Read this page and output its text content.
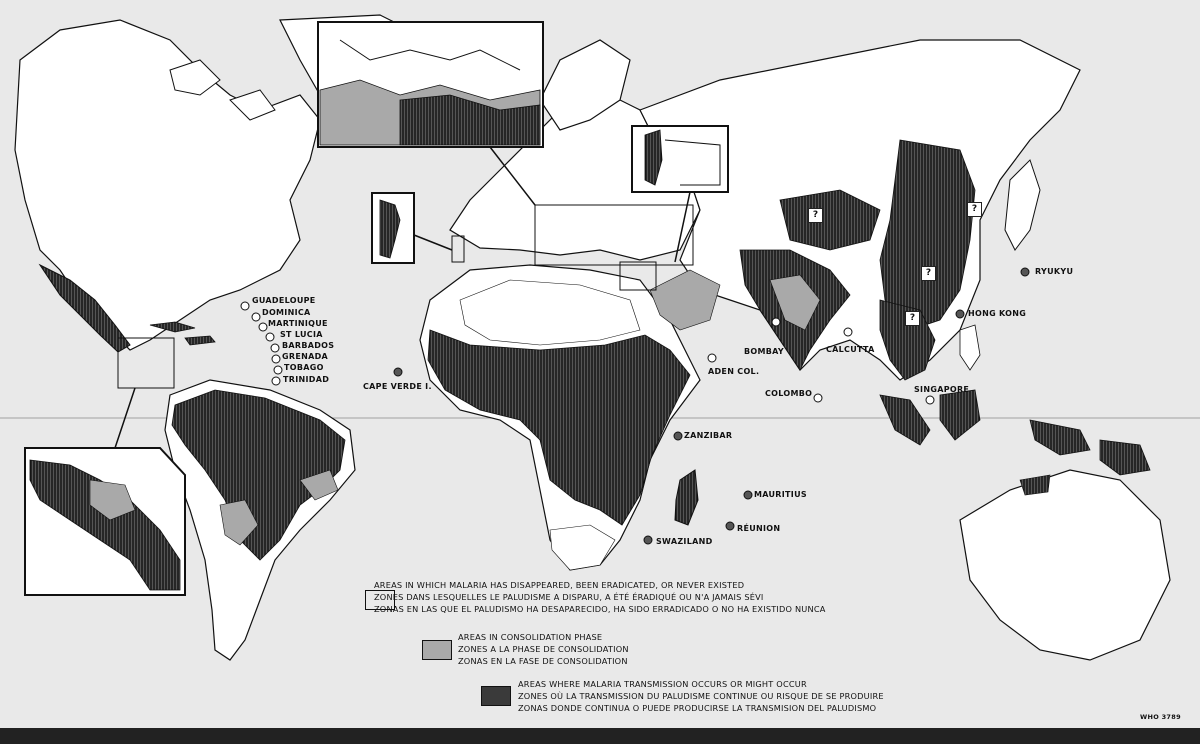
GUADELOUPE
DOMINICA
MARTINIQUE
ST LUCIA
BARBADOS
GRENADA
TOBAGO
TRINIDAD
CAPE VERDE I.
ADEN COL.
BOMBAY	CALCUTTA
COLOMBO	SINGAPORE
HONG KONG
RYUKYU
ZANZIBAR
MAURITIUS
RÉUNION
SWAZILAND
?
?
?
?
AREAS IN WHICH MALARIA HAS DISAPPEARED, BEEN ERADICATED, OR NEVER EXISTED
ZONES DANS LESQUELLES LE PALUDISME A DISPARU, A ÉTÉ ÉRADIQUÉ OU N'A JAMAIS SÉVI
ZONAS EN LAS QUE EL PALUDISMO HA DESAPARECIDO, HA SIDO ERRADICADO O NO HA EXISTIDO NUNCA
AREAS IN CONSOLIDATION PHASE
ZONES A LA PHASE DE CONSOLIDATION
ZONAS EN LA FASE DE CONSOLIDATION
AREAS WHERE MALARIA TRANSMISSION OCCURS OR MIGHT OCCUR
ZONES OÙ LA TRANSMISSION DU PALUDISME CONTINUE OU RISQUE DE SE PRODUIRE
ZONAS DONDE CONTINUA O PUEDE PRODUCIRSE LA TRANSMISION DEL PALUDISMO
WHO 3789
